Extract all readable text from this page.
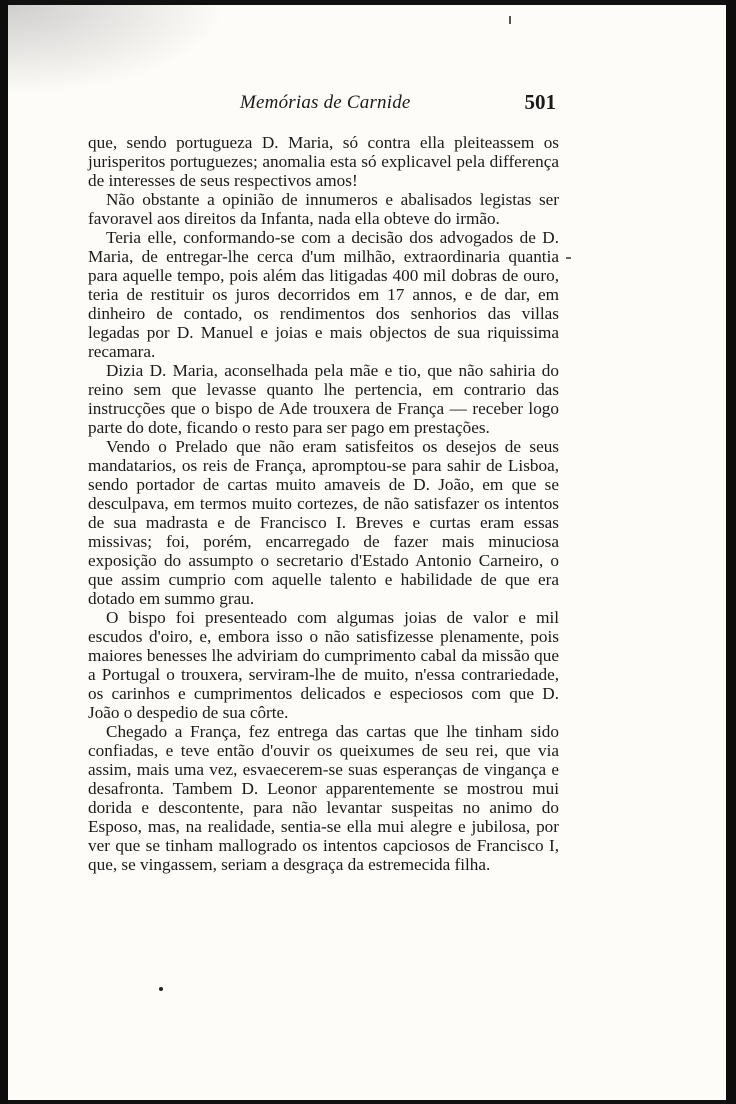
Memórias de Carnide	501

que, sendo portugueza D. Maria, só contra ella pleiteassem os jurisperitos portuguezes; anomalia esta só explicavel pela differença de interesses de seus respectivos amos!

Não obstante a opinião de innumeros e abalisados legistas ser favoravel aos direitos da Infanta, nada ella obteve do irmão.

Teria elle, conformando-se com a decisão dos advogados de D. Maria, de entregar-lhe cerca d'um milhão, extraordinaria quantia para aquelle tempo, pois além das litigadas 400 mil dobras de ouro, teria de restituir os juros decorridos em 17 annos, e de dar, em dinheiro de contado, os rendimentos dos senhorios das villas legadas por D. Manuel e joias e mais objectos de sua riquissima recamara.

Dizia D. Maria, aconselhada pela mãe e tio, que não sahiria do reino sem que levasse quanto lhe pertencia, em contrario das instrucções que o bispo de Ade trouxera de França — receber logo parte do dote, ficando o resto para ser pago em prestações.

Vendo o Prelado que não eram satisfeitos os desejos de seus mandatarios, os reis de França, apromptou-se para sahir de Lisboa, sendo portador de cartas muito amaveis de D. João, em que se desculpava, em termos muito cortezes, de não satisfazer os intentos de sua madrasta e de Francisco I. Breves e curtas eram essas missivas; foi, porém, encarregado de fazer mais minuciosa exposição do assumpto o secretario d'Estado Antonio Carneiro, o que assim cumprio com aquelle talento e habilidade de que era dotado em summo grau.

O bispo foi presenteado com algumas joias de valor e mil escudos d'oiro, e, embora isso o não satisfizesse plenamente, pois maiores benesses lhe adviriam do cumprimento cabal da missão que a Portugal o trouxera, serviram-lhe de muito, n'essa contrariedade, os carinhos e cumprimentos delicados e especiosos com que D. João o despedio de sua côrte.

Chegado a França, fez entrega das cartas que lhe tinham sido confiadas, e teve então d'ouvir os queixumes de seu rei, que via assim, mais uma vez, esvaecerem-se suas esperanças de vingança e desafronta. Tambem D. Leonor apparentemente se mostrou mui dorida e descontente, para não levantar suspeitas no animo do Esposo, mas, na realidade, sentia-se ella mui alegre e jubilosa, por ver que se tinham mallogrado os intentos capciosos de Francisco I, que, se vingassem, seriam a desgraça da estremecida filha.
